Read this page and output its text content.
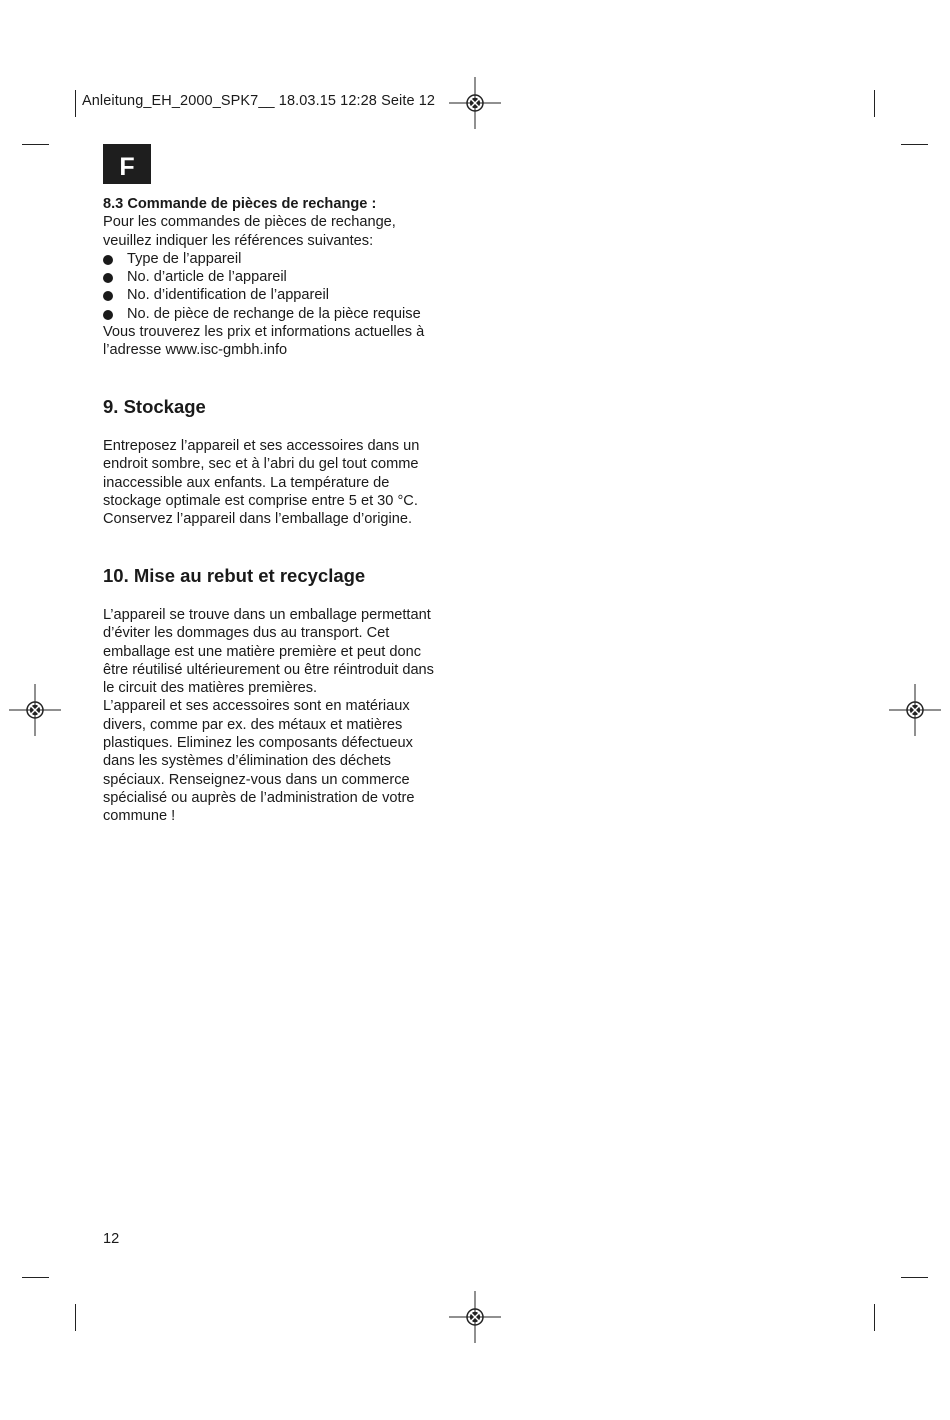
Anleitung_EH_2000_SPK7__ 18.03.15 12:28 Seite 12
F
8.3 Commande de pièces de rechange :
Pour les commandes de pièces de rechange,
veuillez indiquer les références suivantes:
Type de l’appareil
No. d’article de l’appareil
No. d’identification de l’appareil
No. de pièce de rechange de la pièce requise
Vous trouverez les prix et informations actuelles à
l’adresse www.isc-gmbh.info
9. Stockage
Entreposez l’appareil et ses accessoires dans un
endroit sombre, sec et à l’abri du gel tout comme
inaccessible aux enfants. La température de
stockage optimale est comprise entre 5 et 30 °C.
Conservez l’appareil dans l’emballage d’origine.
10. Mise au rebut et recyclage
L’appareil se trouve dans un emballage permettant
d’éviter les dommages dus au transport. Cet
emballage est une matière première et peut donc
être réutilisé ultérieurement ou être réintroduit dans
le circuit des matières premières.
L’appareil et ses accessoires sont en matériaux
divers, comme par ex. des métaux et matières
plastiques. Eliminez les composants défectueux
dans les systèmes d’élimination des déchets
spéciaux. Renseignez-vous dans un commerce
spécialisé ou auprès de l’administration de votre
commune !
12
